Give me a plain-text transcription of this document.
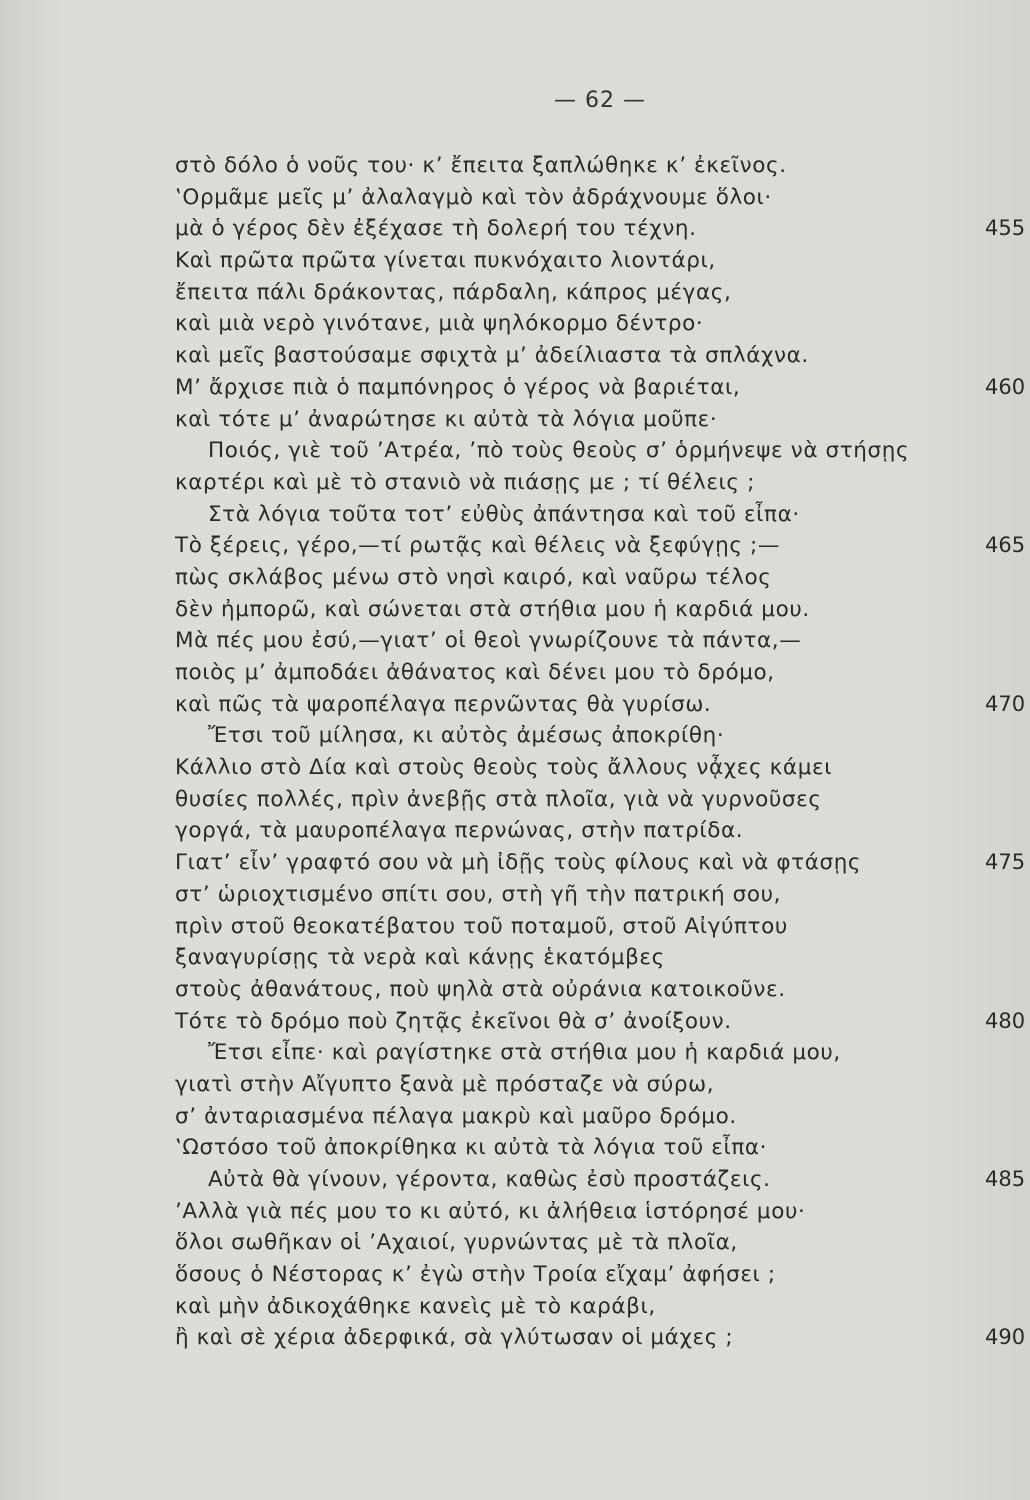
— 62 —
στὸ δόλο ὁ νοῦς του· κ’ ἔπειτα ξαπλώθηκε κ’ ἐκεῖνος.
‛Ορμᾶμε μεῖς μ’ ἀλαλαγμὸ καὶ τὸν ἀδράχνουμε ὅλοι·
μὰ ὁ γέρος δὲν ἐξέχασε τὴ δολερή του τέχνη.	455
Καὶ πρῶτα πρῶτα γίνεται πυκνόχαιτο λιοντάρι,
ἔπειτα πάλι δράκοντας, πάρδαλη, κάπρος μέγας,
καὶ μιὰ νερὸ γινότανε, μιὰ ψηλόκορμο δέντρο·
καὶ μεῖς βαστούσαμε σφιχτὰ μ’ ἀδείλιαστα τὰ σπλάχνα.
Μ’ ἄρχισε πιὰ ὁ παμπόνηρος ὁ γέρος νὰ βαριέται,	460
καὶ τότε μ’ ἀναρώτησε κι αὐτὰ τὰ λόγια μοῦπε·
Ποιός, γιὲ τοῦ ’Ατρέα, ’πὸ τοὺς θεοὺς σ’ ὁρμήνεψε νὰ στήσῃς
καρτέρι καὶ μὲ τὸ στανιὸ νὰ πιάσῃς με ; τί θέλεις ;
Στὰ λόγια τοῦτα τοτ’ εὐθὺς ἀπάντησα καὶ τοῦ εἶπα·
Τὸ ξέρεις, γέρο,—τί ρωτᾷς καὶ θέλεις νὰ ξεφύγῃς ;—	465
πὼς σκλάβος μένω στὸ νησὶ καιρό, καὶ ναῦρω τέλος
δὲν ἠμπορῶ, καὶ σώνεται στὰ στήθια μου ἡ καρδιά μου.
Μὰ πές μου ἐσύ,—γιατ’ οἱ θεοὶ γνωρίζουνε τὰ πάντα,—
ποιὸς μ’ ἀμποδάει ἀθάνατος καὶ δένει μου τὸ δρόμο,
καὶ πῶς τὰ ψαροπέλαγα περνῶντας θὰ γυρίσω.	470
Ἔτσι τοῦ μίλησα, κι αὐτὸς ἀμέσως ἀποκρίθη·
Κάλλιο στὸ Δία καὶ στοὺς θεοὺς τοὺς ἄλλους νᾆχες κάμει
θυσίες πολλές, πρὶν ἀνεβῇς στὰ πλοῖα, γιὰ νὰ γυρνοῦσες
γοργά, τὰ μαυροπέλαγα περνώνας, στὴν πατρίδα.
Γιατ’ εἶν’ γραφτό σου νὰ μὴ ἰδῇς τοὺς φίλους καὶ νὰ φτάσῃς	475
στ’ ὡριοχτισμένο σπίτι σου, στὴ γῆ τὴν πατρική σου,
πρὶν στοῦ θεοκατέβατου τοῦ ποταμοῦ, στοῦ Αἰγύπτου
ξαναγυρίσῃς τὰ νερὰ καὶ κάνῃς ἑκατόμβες
στοὺς ἀθανάτους, ποὺ ψηλὰ στὰ οὐράνια κατοικοῦνε.
Τότε τὸ δρόμο ποὺ ζητᾷς ἐκεῖνοι θὰ σ’ ἀνοίξουν.	480
Ἔτσι εἶπε· καὶ ραγίστηκε στὰ στήθια μου ἡ καρδιά μου,
γιατὶ στὴν Αἴγυπτο ξανὰ μὲ πρόσταζε νὰ σύρω,
σ’ ἀνταριασμένα πέλαγα μακρὺ καὶ μαῦρο δρόμο.
‛Ωστόσο τοῦ ἀποκρίθηκα κι αὐτὰ τὰ λόγια τοῦ εἶπα·
Αὐτὰ θὰ γίνουν, γέροντα, καθὼς ἐσὺ προστάζεις.	485
’Αλλὰ γιὰ πές μου το κι αὐτό, κι ἀλήθεια ἱστόρησέ μου·
ὅλοι σωθῆκαν οἱ ’Αχαιοί, γυρνώντας μὲ τὰ πλοῖα,
ὅσους ὁ Νέστορας κ’ ἐγὼ στὴν Τροία εἴχαμ’ ἀφήσει ;
καὶ μὴν ἀδικοχάθηκε κανεὶς μὲ τὸ καράβι,
ἢ καὶ σὲ χέρια ἀδερφικά, σὰ γλύτωσαν οἱ μάχες ;	490
